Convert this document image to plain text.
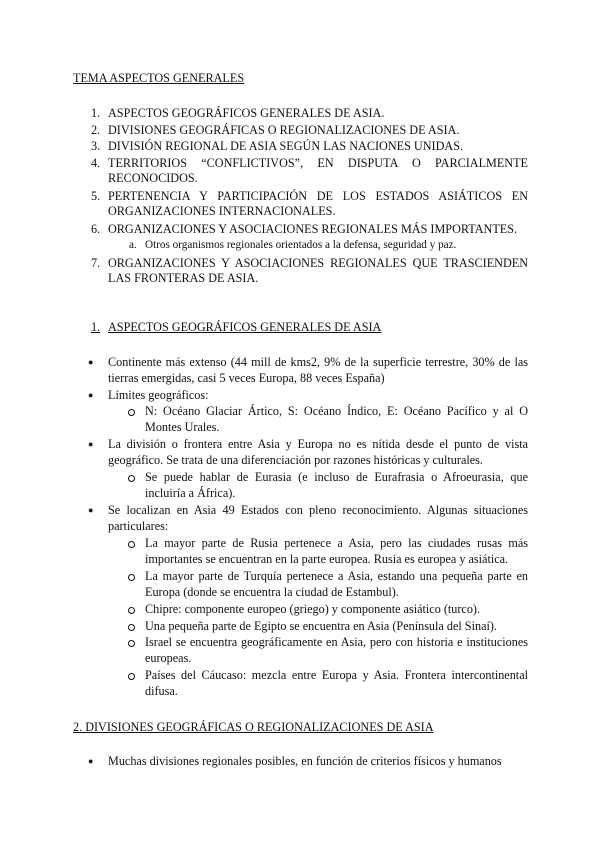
TEMA ASPECTOS GENERALES
1. ASPECTOS GEOGRÁFICOS GENERALES DE ASIA.
2. DIVISIONES GEOGRÁFICAS O REGIONALIZACIONES DE ASIA.
3. DIVISIÓN REGIONAL DE ASIA SEGÚN LAS NACIONES UNIDAS.
4. TERRITORIOS “CONFLICTIVOS”, EN DISPUTA O PARCIALMENTE
RECONOCIDOS.
5. PERTENENCIA Y PARTICIPACIÓN DE LOS ESTADOS ASIÁTICOS EN
ORGANIZACIONES INTERNACIONALES.
6. ORGANIZACIONES Y ASOCIACIONES REGIONALES MÁS IMPORTANTES.
a. Otros organismos regionales orientados a la defensa, seguridad y paz.
7. ORGANIZACIONES Y ASOCIACIONES REGIONALES QUE TRASCIENDEN
LAS FRONTERAS DE ASIA.
1. ASPECTOS GEOGRÁFICOS GENERALES DE ASIA
● Continente más extenso (44 mill de kms2, 9% de la superficie terrestre, 30% de las
tierras emergidas, casi 5 veces Europa, 88 veces España)
● Límites geográficos:
N: Océano Glaciar Ártico, S: Océano Índico, E: Océano Pacífico y al O
Montes Urales.
● La división o frontera entre Asia y Europa no es nítida desde el punto de vista
geográfico. Se trata de una diferenciación por razones históricas y culturales.
Se puede hablar de Eurasia (e incluso de Eurafrasia o Afroeurasia, que
incluiría a África).
● Se localizan en Asia 49 Estados con pleno reconocimiento. Algunas situaciones
particulares:
La mayor parte de Rusia pertenece a Asia, pero las ciudades rusas más
importantes se encuentran en la parte europea. Rusia es europea y asiática.
La mayor parte de Turquía pertenece a Asia, estando una pequeña parte en
Europa (donde se encuentra la ciudad de Estambul).
Chipre: componente europeo (griego) y componente asiático (turco).
Una pequeña parte de Egipto se encuentra en Asia (Península del Sinaí).
Israel se encuentra geográficamente en Asia, pero con historia e instituciones
europeas.
Países del Cáucaso: mezcla entre Europa y Asia. Frontera intercontinental
difusa.
2. DIVISIONES GEOGRÁFICAS O REGIONALIZACIONES DE ASIA
● Muchas divisiones regionales posibles, en función de criterios físicos y humanos
